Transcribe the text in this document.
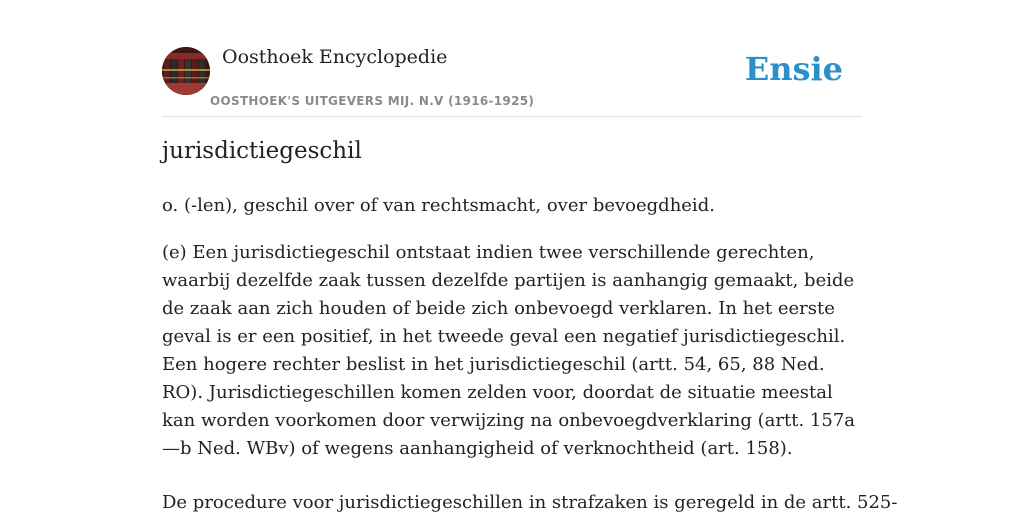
Oosthoek Encyclopedie
OOSTHOEK'S UITGEVERS MIJ. N.V (1916-1925)
Ensie
jurisdictiegeschil

o. (-len), geschil over of van rechtsmacht, over bevoegdheid.

(e) Een jurisdictiegeschil ontstaat indien twee verschillende gerechten, waarbij dezelfde zaak tussen dezelfde partijen is aanhangig gemaakt, beide de zaak aan zich houden of beide zich onbevoegd verklaren. In het eerste geval is er een positief, in het tweede geval een negatief jurisdictiegeschil. Een hogere rechter beslist in het jurisdictiegeschil (artt. 54, 65, 88 Ned. RO). Jurisdictiegeschillen komen zelden voor, doordat de situatie meestal kan worden voorkomen door verwijzing na onbevoegdverklaring (artt. 157a—b Ned. WBv) of wegens aanhangigheid of verknochtheid (art. 158).

De procedure voor jurisdictiegeschillen in strafzaken is geregeld in de artt. 525-
